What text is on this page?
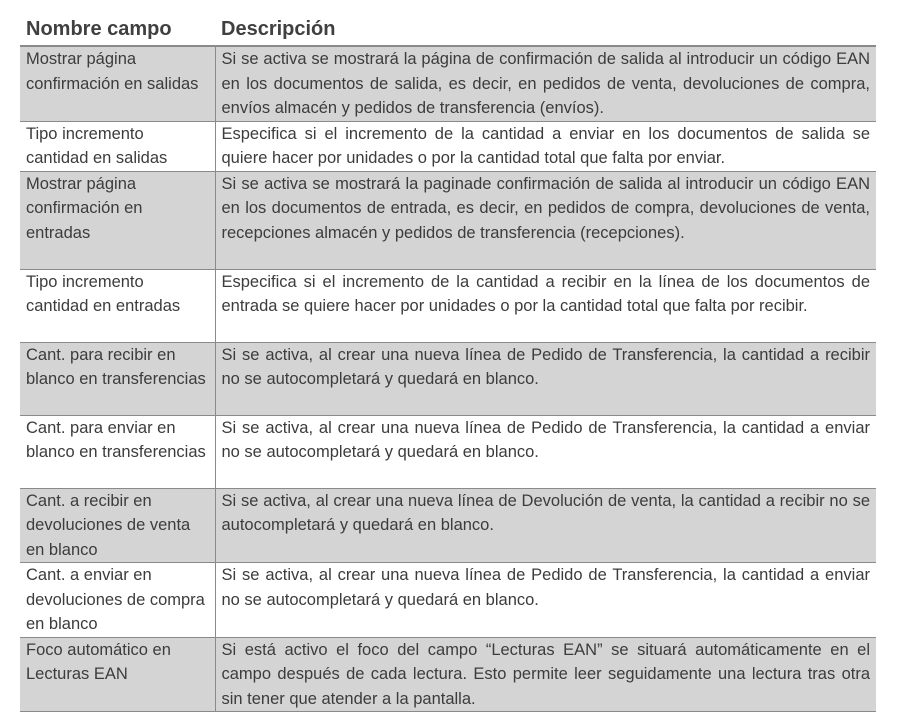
Nombre campo	Descripción
Mostrar página confirmación en salidas	Si se activa se mostrará la página de confirmación de salida al introducir un código EAN en los documentos de salida, es decir, en pedidos de venta, devoluciones de compra, envíos almacén y pedidos de transferencia (envíos).
Tipo incremento cantidad en salidas	Especifica si el incremento de la cantidad a enviar en los documentos de salida se quiere hacer por unidades o por la cantidad total que falta por enviar.
Mostrar página confirmación en entradas	Si se activa se mostrará la paginade confirmación de salida al introducir un código EAN en los documentos de entrada, es decir, en pedidos de compra, devoluciones de venta, recepciones almacén y pedidos de transferencia (recepciones).
Tipo incremento cantidad en entradas	Especifica si el incremento de la cantidad a recibir en la línea de los documentos de entrada se quiere hacer por unidades o por la cantidad total que falta por recibir.
Cant. para recibir en blanco en transferencias	Si se activa, al crear una nueva línea de Pedido de Transferencia, la cantidad a recibir no se autocompletará y quedará en blanco.
Cant. para enviar en blanco en transferencias	Si se activa, al crear una nueva línea de Pedido de Transferencia, la cantidad a enviar no se autocompletará y quedará en blanco.
Cant. a recibir en devoluciones de venta en blanco	Si se activa, al crear una nueva línea de Devolución de venta, la cantidad a recibir no se autocompletará y quedará en blanco.
Cant. a enviar en devoluciones de compra en blanco	Si se activa, al crear una nueva línea de Pedido de Transferencia, la cantidad a enviar no se autocompletará y quedará en blanco.
Foco automático en Lecturas EAN	Si está activo el foco del campo “Lecturas EAN” se situará automáticamente en el campo después de cada lectura. Esto permite leer seguidamente una lectura tras otra sin tener que atender a la pantalla.
